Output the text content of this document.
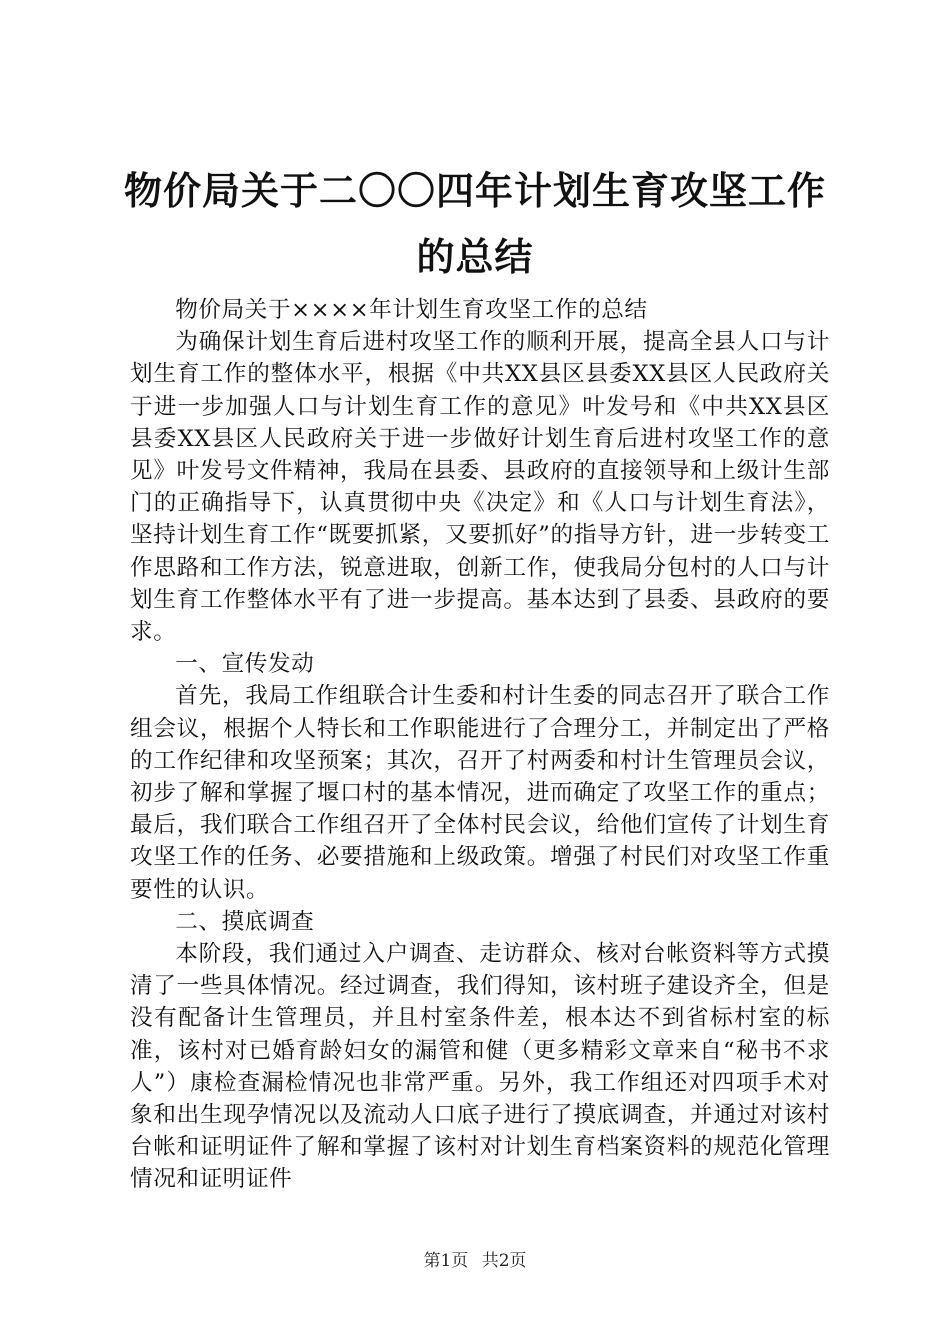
物价局关于二〇〇四年计划生育攻坚工作的总结

物价局关于××××年计划生育攻坚工作的总结

为确保计划生育后进村攻坚工作的顺利开展，提高全县人口与计划生育工作的整体水平，根据《中共XX县区县委XX县区人民政府关于进一步加强人口与计划生育工作的意见》叶发号和《中共XX县区县委XX县区人民政府关于进一步做好计划生育后进村攻坚工作的意见》叶发号文件精神，我局在县委、县政府的直接领导和上级计生部门的正确指导下，认真贯彻中央《决定》和《人口与计划生育法》，坚持计划生育工作“既要抓紧，又要抓好”的指导方针，进一步转变工作思路和工作方法，锐意进取，创新工作，使我局分包村的人口与计划生育工作整体水平有了进一步提高。基本达到了县委、县政府的要求。

一、宣传发动

首先，我局工作组联合计生委和村计生委的同志召开了联合工作组会议，根据个人特长和工作职能进行了合理分工，并制定出了严格的工作纪律和攻坚预案；其次，召开了村两委和村计生管理员会议，初步了解和掌握了堰口村的基本情况，进而确定了攻坚工作的重点；最后，我们联合工作组召开了全体村民会议，给他们宣传了计划生育攻坚工作的任务、必要措施和上级政策。增强了村民们对攻坚工作重要性的认识。

二、摸底调查

本阶段，我们通过入户调查、走访群众、核对台帐资料等方式摸清了一些具体情况。经过调查，我们得知，该村班子建设齐全，但是没有配备计生管理员，并且村室条件差，根本达不到省标村室的标准，该村对已婚育龄妇女的漏管和健（更多精彩文章来自“秘书不求人”）康检查漏检情况也非常严重。另外，我工作组还对四项手术对象和出生现孕情况以及流动人口底子进行了摸底调查，并通过对该村台帐和证明证件了解和掌握了该村对计划生育档案资料的规范化管理情况和证明证件

第1页 共2页
